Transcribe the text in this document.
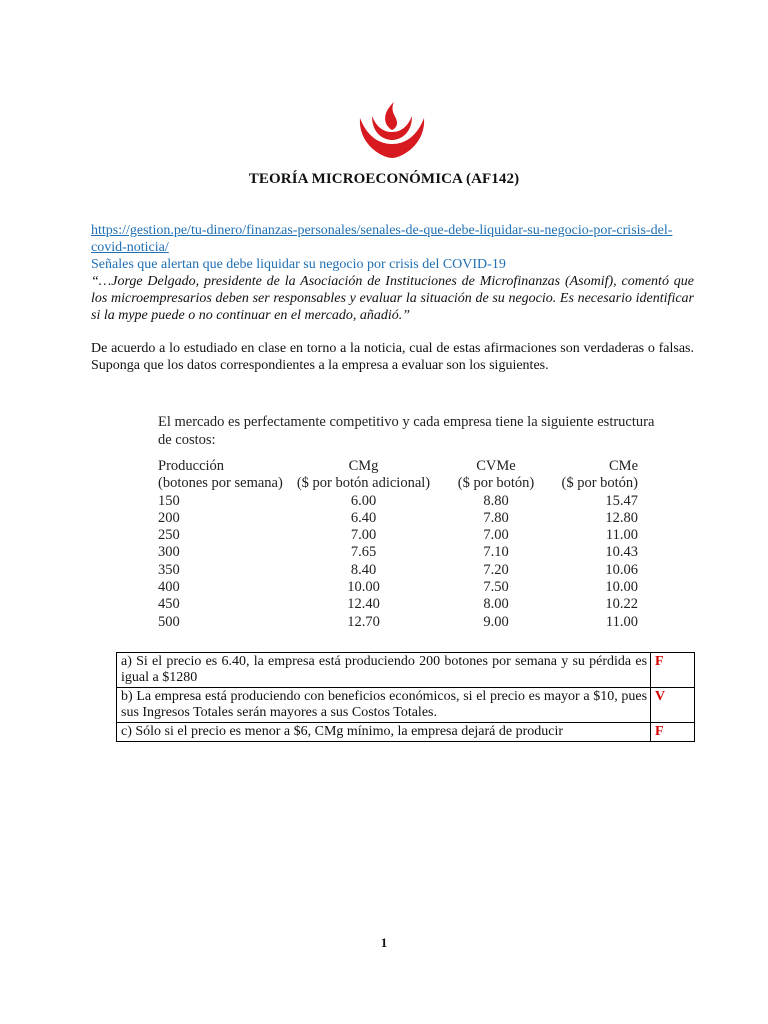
TEORÍA MICROECONÓMICA (AF142)
https://gestion.pe/tu-dinero/finanzas-personales/senales-de-que-debe-liquidar-su-negocio-por-crisis-del-covid-noticia/
Señales que alertan que debe liquidar su negocio por crisis del COVID-19
“…Jorge Delgado, presidente de la Asociación de Instituciones de Microfinanzas (Asomif), comentó que los microempresarios deben ser responsables y evaluar la situación de su negocio. Es necesario identificar si la mype puede o no continuar en el mercado, añadió.”
De acuerdo a lo estudiado en clase en torno a la noticia, cual de estas afirmaciones son verdaderas o falsas. Suponga que los datos correspondientes a la empresa a evaluar son los siguientes.
El mercado es perfectamente competitivo y cada empresa tiene la siguiente estructura de costos:
Producción	CMg	CVMe	CMe
(botones por semana)	($ por botón adicional)	($ por botón)	($ por botón)
150	6.00	8.80	15.47
200	6.40	7.80	12.80
250	7.00	7.00	11.00
300	7.65	7.10	10.43
350	8.40	7.20	10.06
400	10.00	7.50	10.00
450	12.40	8.00	10.22
500	12.70	9.00	11.00
a) Si el precio es 6.40, la empresa está produciendo 200 botones por semana y su pérdida es igual a $1280	F
b) La empresa está produciendo con beneficios económicos, si el precio es mayor a $10, pues sus Ingresos Totales serán mayores a sus Costos Totales.	V
c) Sólo si el precio es menor a $6, CMg mínimo, la empresa dejará de producir	F
1
